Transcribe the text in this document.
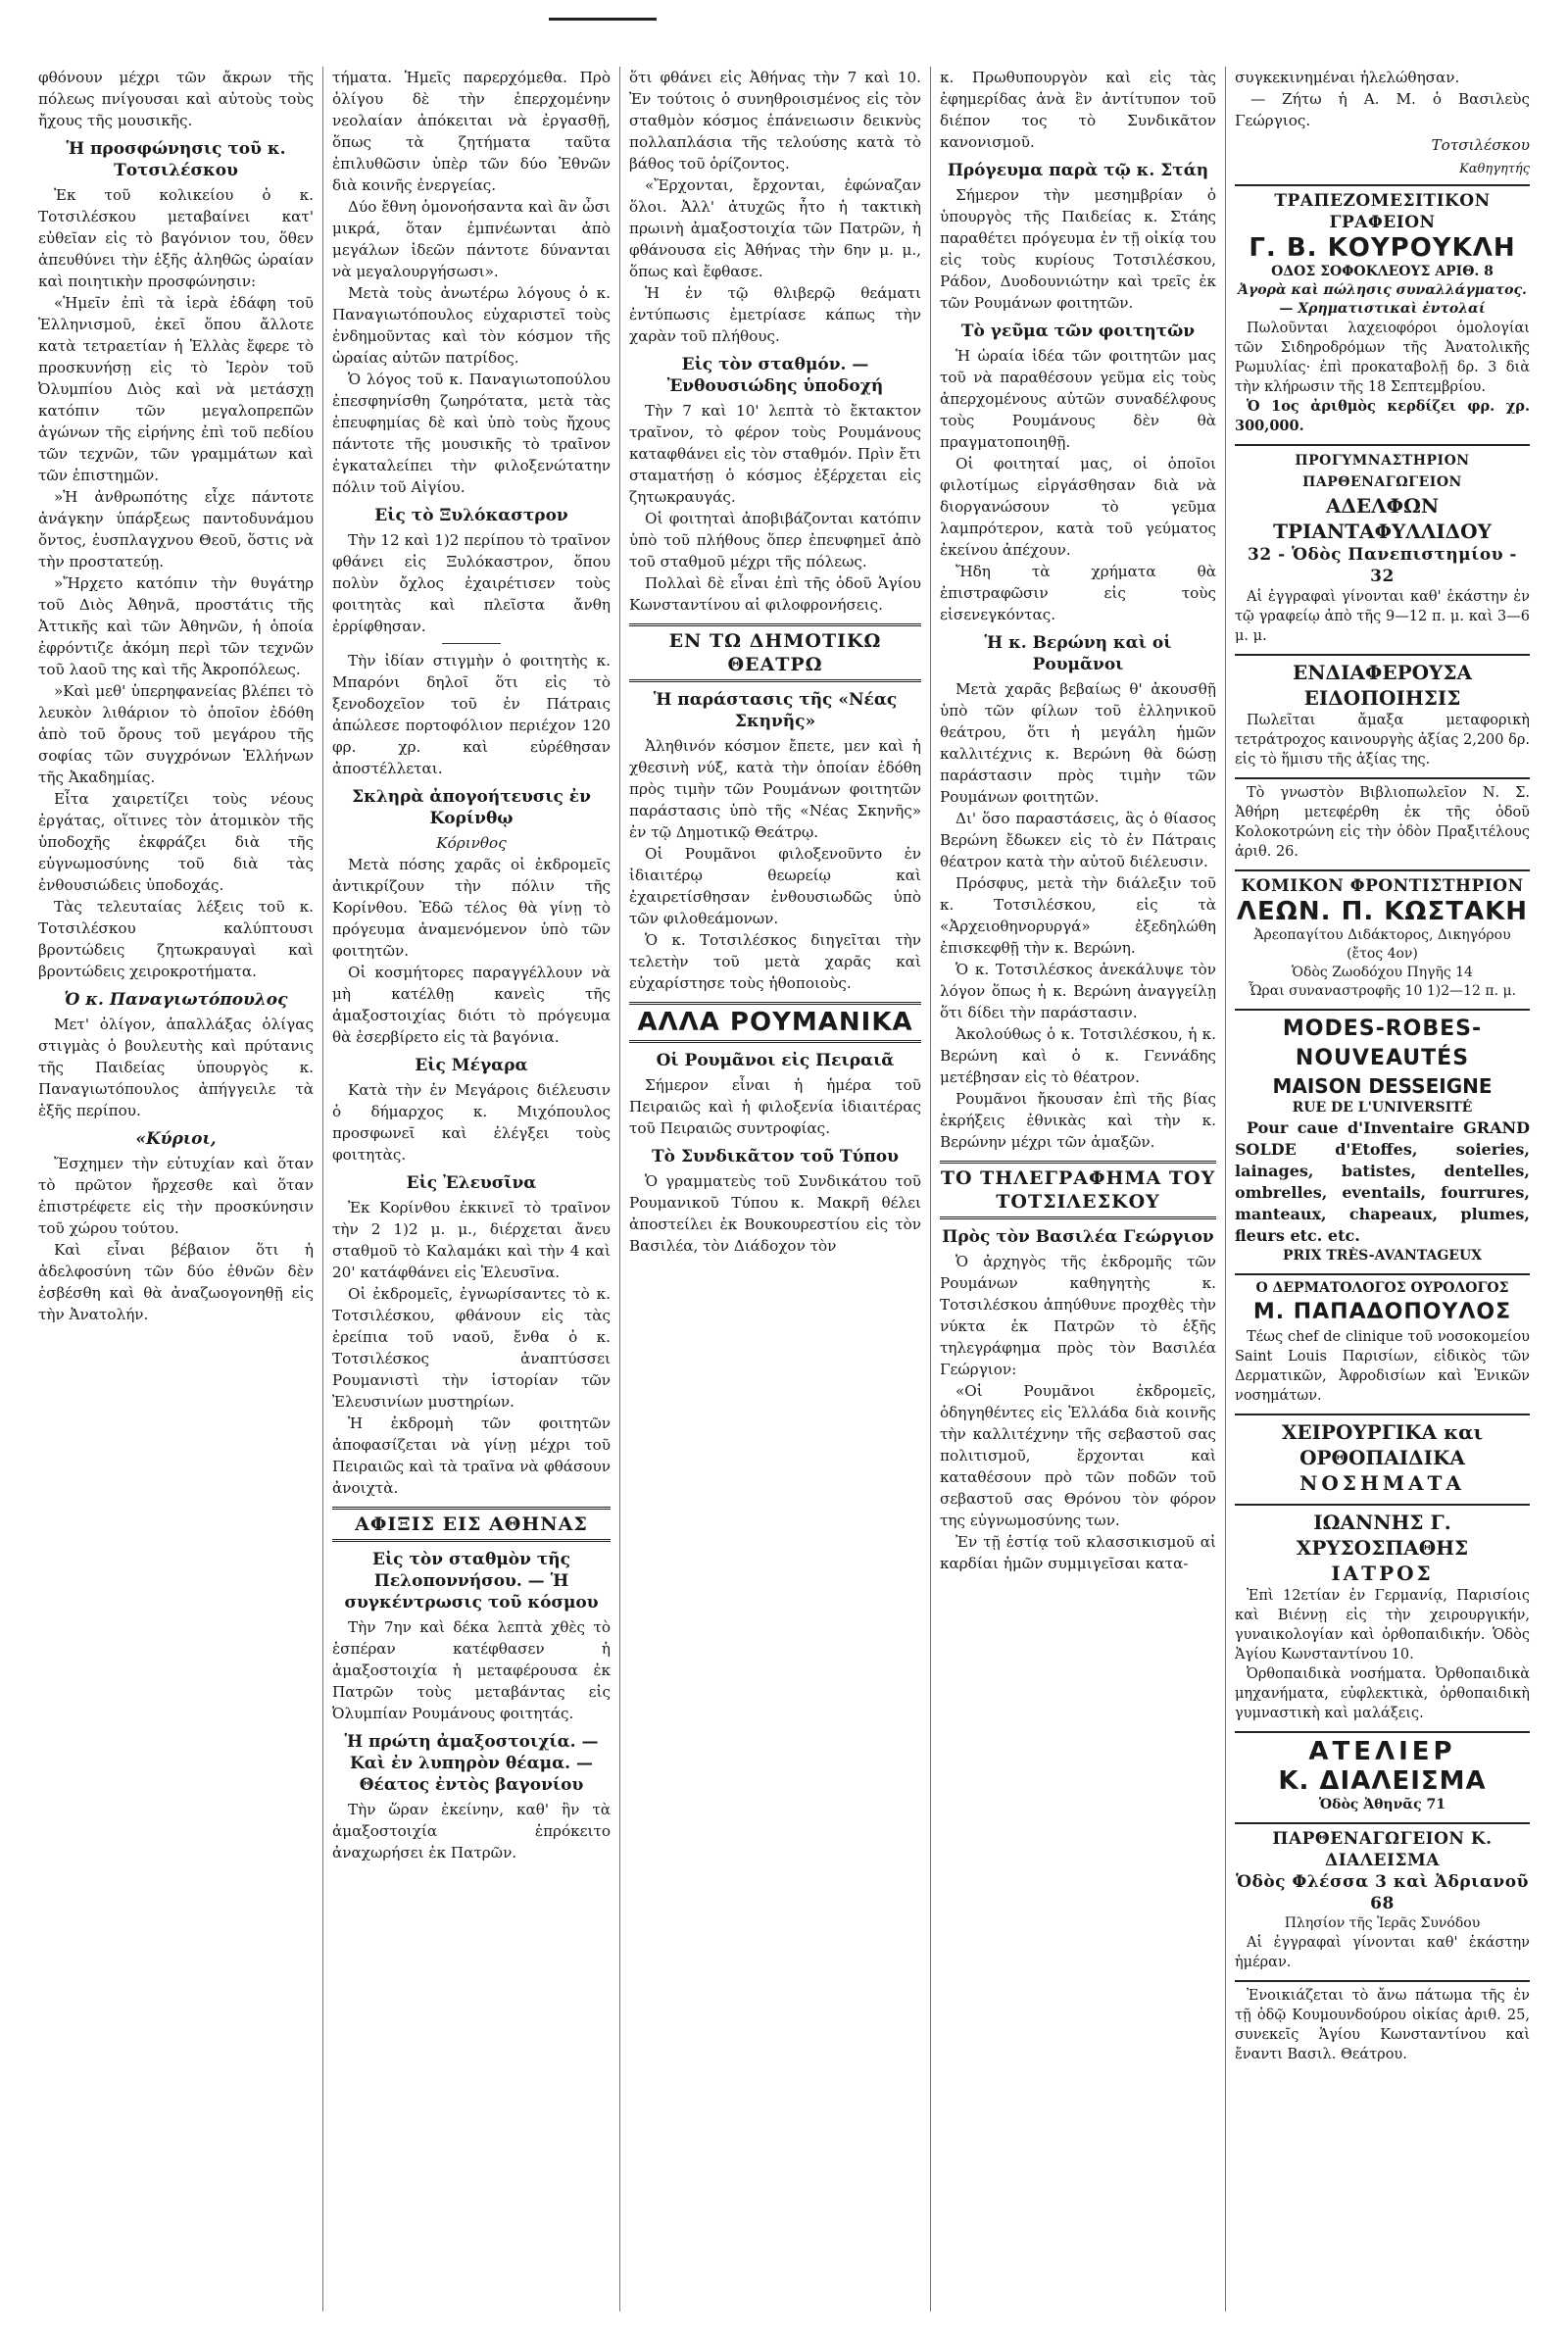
φθόνουν μέχρι τῶν ἄκρων τῆς πόλεως πνίγουσαι καὶ αὐτοὺς τοὺς ἤχους τῆς μουσικῆς.

Ἡ προσφώνησις τοῦ κ. Τοτσιλέσκου

Ἐκ τοῦ κολικείου ὁ κ. Τοτσιλέσκου μεταβαίνει κατ' εὐθεῖαν εἰς τὸ βαγόνιον του, ὅθεν ἀπευθύνει τὴν ἑξῆς ἀληθῶς ὡραίαν καὶ ποιητικὴν προσφώνησιν:

«Ἡμεῖν ἐπὶ τὰ ἱερὰ ἐδάφη τοῦ Ἑλληνισμοῦ, ἐκεῖ ὅπου ἄλλοτε κατὰ τετραετίαν ἡ Ἑλλὰς ἔφερε τὸ προσκυνήσῃ εἰς τὸ Ἱερὸν τοῦ Ὀλυμπίου Διὸς καὶ νὰ μετάσχῃ κατόπιν τῶν μεγαλοπρεπῶν ἀγώνων τῆς εἰρήνης ἐπὶ τοῦ πεδίου τῶν τεχνῶν, τῶν γραμμάτων καὶ τῶν ἐπιστημῶν.

»Ἡ ἀνθρωπότης εἶχε πάντοτε ἀνάγκην ὑπάρξεως παντοδυνάμου ὄντος, ἐυσπλαγχνου Θεοῦ, ὅστις νὰ τὴν προστατεύῃ.

»Ἤρχετο κατόπιν τὴν θυγάτηρ τοῦ Διὸς Ἀθηνᾶ, προστάτις τῆς Ἀττικῆς καὶ τῶν Ἀθηνῶν, ἡ ὁποία ἐφρόντιζε ἀκόμη περὶ τῶν τεχνῶν τοῦ λαοῦ της καὶ τῆς Ἀκροπόλεως.

»Καὶ μεθ' ὑπερηφανείας βλέπει τὸ λευκὸν λιθάριον τὸ ὁποῖον ἐδόθη ἀπὸ τοῦ ὄρους τοῦ μεγάρου τῆς σοφίας τῶν συγχρόνων Ἑλλήνων τῆς Ἀκαδημίας.

Εἶτα χαιρετίζει τοὺς νέους ἐργάτας, οἵτινες τὸν ἀτομικὸν τῆς ὑποδοχῆς ἐκφράζει διὰ τῆς εὐγνωμοσύνης τοῦ διὰ τὰς ἐνθουσιώδεις ὑποδοχάς.

Τὰς τελευταίας λέξεις τοῦ κ. Τοτσιλέσκου καλύπτουσι βροντώδεις ζητωκραυγαὶ καὶ βροντώδεις χειροκροτήματα.

Ὁ κ. Παναγιωτόπουλος

Μετ' ὀλίγον, ἀπαλλάξας ὀλίγας στιγμὰς ὁ βουλευτὴς καὶ πρύτανις τῆς Παιδείας ὑπουργὸς κ. Παναγιωτόπουλος ἀπήγγειλε τὰ ἑξῆς περίπου.

«Κύριοι,

Ἔσχημεν τὴν εὐτυχίαν καὶ ὅταν τὸ πρῶτον ἤρχεσθε καὶ ὅταν ἐπιστρέφετε εἰς τὴν προσκύνησιν τοῦ χώρου τούτου.

Καὶ εἶναι βέβαιον ὅτι ἡ ἀδελφοσύνη τῶν δύο ἐθνῶν δὲν ἐσβέσθη καὶ θὰ ἀναζωογονηθῇ εἰς τὴν Ἀνατολήν.

τήματα. Ἡμεῖς παρερχόμεθα. Πρὸ ὀλίγου δὲ τὴν ἐπερχομένην νεολαίαν ἀπόκειται νὰ ἐργασθῇ, ὅπως τὰ ζητήματα ταῦτα ἐπιλυθῶσιν ὑπὲρ τῶν δύο Ἐθνῶν διὰ κοινῆς ἐνεργείας.

Δύο ἔθνη ὁμονοήσαντα καὶ ἂν ὦσι μικρά, ὅταν ἐμπνέωνται ἀπὸ μεγάλων ἰδεῶν πάντοτε δύνανται νὰ μεγαλουργήσωσι».

Μετὰ τοὺς ἀνωτέρω λόγους ὁ κ. Παναγιωτόπουλος εὐχαριστεῖ τοὺς ἐνδημοῦντας καὶ τὸν κόσμον τῆς ὡραίας αὐτῶν πατρίδος.

Ὁ λόγος τοῦ κ. Παναγιωτοπούλου ἐπεσφηνίσθη ζωηρότατα, μετὰ τὰς ἐπευφημίας δὲ καὶ ὑπὸ τοὺς ἤχους πάντοτε τῆς μουσικῆς τὸ τραῖνον ἐγκαταλείπει τὴν φιλοξενώτατην πόλιν τοῦ Αἰγίου.

Εἰς τὸ Ξυλόκαστρον

Τὴν 12 καὶ 1)2 περίπου τὸ τραῖνον φθάνει εἰς Ξυλόκαστρον, ὅπου πολὺν ὄχλος ἐχαιρέτισεν τοὺς φοιτητὰς καὶ πλεῖστα ἄνθη ἐρρίφθησαν.

Τὴν ἰδίαν στιγμὴν ὁ φοιτητὴς κ. Μπαρόνι δηλοῖ ὅτι εἰς τὸ ξενοδοχεῖον τοῦ ἐν Πάτραις ἀπώλεσε πορτοφόλιον περιέχον 120 φρ. χρ. καὶ εὐρέθησαν ἀποστέλλεται.

Σκληρὰ ἀπογοήτευσις ἐν Κορίνθῳ
Κόρινθος

Μετὰ πόσης χαρᾶς οἱ ἐκδρομεῖς ἀντικρίζουν τὴν πόλιν τῆς Κορίνθου. Ἐδῶ τέλος θὰ γίνῃ τὸ πρόγευμα ἀναμενόμενον ὑπὸ τῶν φοιτητῶν.

Οἱ κοσμήτορες παραγγέλλουν νὰ μὴ κατέλθῃ κανεὶς τῆς ἀμαξοστοιχίας διότι τὸ πρόγευμα θὰ ἐσερβίρετο εἰς τὰ βαγόνια.

Εἰς Μέγαρα

Κατὰ τὴν ἐν Μεγάροις διέλευσιν ὁ δήμαρχος κ. Μιχόπουλος προσφωνεῖ καὶ ἐλέγξει τοὺς φοιτητὰς.

Εἰς Ἐλευσῖνα

Ἐκ Κορίνθου ἐκκινεῖ τὸ τραῖνον τὴν 2 1)2 μ. μ., διέρχεται ἄνευ σταθμοῦ τὸ Καλαμάκι καὶ τὴν 4 καὶ 20' κατάφθάνει εἰς Ἐλευσῖνα.

Οἱ ἐκδρομεῖς, ἐγνωρίσαντες τὸ κ. Τοτσιλέσκου, φθάνουν εἰς τὰς ἐρείπια τοῦ ναοῦ, ἔνθα ὁ κ. Τοτσιλέσκος ἀναπτύσσει Ρουμανιστὶ τὴν ἱστορίαν τῶν Ἐλευσινίων μυστηρίων.

Ἡ ἐκδρομὴ τῶν φοιτητῶν ἀποφασίζεται νὰ γίνῃ μέχρι τοῦ Πειραιῶς καὶ τὰ τραῖνα νὰ φθάσουν ἀνοιχτὰ.

ΑΦΙΞΙΣ ΕΙΣ ΑΘΗΝΑΣ
Εἰς τὸν σταθμὸν τῆς Πελοποννήσου. — Ἡ συγκέντρωσις τοῦ κόσμου

Τὴν 7ην καὶ δέκα λεπτὰ χθὲς τὸ ἑσπέραν κατέφθασεν ἡ ἀμαξοστοιχία ἡ μεταφέρουσα ἐκ Πατρῶν τοὺς μεταβάντας εἰς Ὀλυμπίαν Ρουμάνους φοιτητάς.

Ἡ πρώτη ἀμαξοστοιχία. — Καὶ ἐν λυπηρὸν θέαμα. — Θέατος ἐντὸς βαγονίου

Τὴν ὥραν ἐκείνην, καθ' ἣν τὰ ἀμαξοστοιχία ἐπρόκειτο ἀναχωρήσει ἐκ Πατρῶν.

ὅτι φθάνει εἰς Ἀθήνας τὴν 7 καὶ 10. Ἐν τούτοις ὁ συνηθροισμένος εἰς τὸν σταθμὸν κόσμος ἐπάνειωσιν δεικνὺς πολλαπλάσια τῆς τελούσης κατὰ τὸ βάθος τοῦ ὁρίζοντος.

«Ἔρχονται, ἔρχονται, ἐφώναζαν ὅλοι. Ἀλλ' ἀτυχῶς ἦτο ἡ τακτικὴ πρωινὴ ἀμαξοστοιχία τῶν Πατρῶν, ἡ φθάνουσα εἰς Ἀθήνας τὴν 6ην μ. μ., ὅπως καὶ ἔφθασε.

Ἡ ἐν τῷ θλιβερῷ θεάματι ἐντύπωσις ἐμετρίασε κάπως τὴν χαρὰν τοῦ πλήθους.

Εἰς τὸν σταθμόν. — Ἐνθουσιώδης ὑποδοχή

Τὴν 7 καὶ 10' λεπτὰ τὸ ἔκτακτον τραῖνον, τὸ φέρον τοὺς Ρουμάνους καταφθάνει εἰς τὸν σταθμόν. Πρὶν ἔτι σταματήσῃ ὁ κόσμος ἐξέρχεται εἰς ζητωκραυγάς.

Οἱ φοιτηταὶ ἀποβιβάζονται κατόπιν ὑπὸ τοῦ πλήθους ὅπερ ἐπευφημεῖ ἀπὸ τοῦ σταθμοῦ μέχρι τῆς πόλεως.

Πολλαὶ δὲ εἶναι ἐπὶ τῆς ὁδοῦ Ἁγίου Κωνσταντίνου αἱ φιλοφρονήσεις.

ΕΝ ΤΩ ΔΗΜΟΤΙΚΩ ΘΕΑΤΡΩ
Ἡ παράστασις τῆς «Νέας Σκηνῆς»

Ἀληθινόν κόσμον ἔπετε, μεν καὶ ἡ χθεσινὴ νύξ, κατὰ τὴν ὁποίαν ἐδόθη πρὸς τιμὴν τῶν Ρουμάνων φοιτητῶν παράστασις ὑπὸ τῆς «Νέας Σκηνῆς» ἐν τῷ Δημοτικῷ Θεάτρῳ.

Οἱ Ρουμᾶνοι φιλοξενοῦντο ἐν ἰδιαιτέρῳ θεωρείῳ καὶ ἐχαιρετίσθησαν ἐνθουσιωδῶς ὑπὸ τῶν φιλοθεάμονων.

Ὁ κ. Τοτσιλέσκος διηγεῖται τὴν τελετὴν τοῦ μετὰ χαρᾶς καὶ εὐχαρίστησε τοὺς ἠθοποιοὺς.

ΑΛΛΑ ΡΟΥΜΑΝΙΚΑ
Οἱ Ρουμᾶνοι εἰς Πειραιᾶ

Σήμερον εἶναι ἡ ἡμέρα τοῦ Πειραιῶς καὶ ἡ φιλοξενία ἰδιαιτέρας τοῦ Πειραιῶς συντροφίας.

Τὸ Συνδικᾶτον τοῦ Τύπου

Ὁ γραμματεὺς τοῦ Συνδικάτου τοῦ Ρουμανικοῦ Τύπου κ. Μακρῆ θέλει ἀποστείλει ἐκ Βουκουρεστίου εἰς τὸν Βασιλέα, τὸν Διάδοχον τὸν

κ. Πρωθυπουργὸν καὶ εἰς τὰς ἐφημερίδας ἀνὰ ἓν ἀντίτυπον τοῦ διέπον τος τὸ Συνδικᾶτον κανονισμοῦ.

Πρόγευμα παρὰ τῷ κ. Στάη

Σήμερον τὴν μεσημβρίαν ὁ ὑπουργὸς τῆς Παιδείας κ. Στάης παραθέτει πρόγευμα ἐν τῇ οἰκίᾳ του εἰς τοὺς κυρίους Τοτσιλέσκου, Ράδον, Δυοδουνιώτην καὶ τρεῖς ἐκ τῶν Ρουμάνων φοιτητῶν.

Τὸ γεῦμα τῶν φοιτητῶν

Ἡ ὡραία ἰδέα τῶν φοιτητῶν μας τοῦ νὰ παραθέσουν γεῦμα εἰς τοὺς ἀπερχομένους αὐτῶν συναδέλφους τοὺς Ρουμάνους δὲν θὰ πραγματοποιηθῇ.

Οἱ φοιτηταί μας, οἱ ὁποῖοι φιλοτίμως εἰργάσθησαν διὰ νὰ διοργανώσουν τὸ γεῦμα λαμπρότερον, κατὰ τοῦ γεύματος ἐκείνου ἀπέχουν.

Ἤδη τὰ χρήματα θὰ ἐπιστραφῶσιν εἰς τοὺς εἰσενεγκόντας.

Ἡ κ. Βερώνη καὶ οἱ Ρουμᾶνοι

Μετὰ χαρᾶς βεβαίως θ' ἀκουσθῇ ὑπὸ τῶν φίλων τοῦ ἑλληνικοῦ θεάτρου, ὅτι ἡ μεγάλη ἡμῶν καλλιτέχνις κ. Βερώνη θὰ δώσῃ παράστασιν πρὸς τιμὴν τῶν Ρουμάνων φοιτητῶν.

Δι' ὅσο παραστάσεις, ἃς ὁ θίασος Βερώνη ἔδωκεν εἰς τὸ ἐν Πάτραις θέατρον κατὰ τὴν αὐτοῦ διέλευσιν.

Πρόσφυς, μετὰ τὴν διάλεξιν τοῦ κ. Τοτσιλέσκου, εἰς τὰ «Ἀρχειοθηνορυργά» ἐξεδηλώθη ἐπισκεφθῇ τὴν κ. Βερώνη.

Ὁ κ. Τοτσιλέσκος ἀνεκάλυψε τὸν λόγον ὅπως ἡ κ. Βερώνη ἀναγγείλῃ ὅτι δίδει τὴν παράστασιν.

Ἀκολούθως ὁ κ. Τοτσιλέσκου, ἡ κ. Βερώνη καὶ ὁ κ. Γεννάδης μετέβησαν εἰς τὸ θέατρον.

Ρουμᾶνοι ἤκουσαν ἐπὶ τῆς βίας ἐκρήξεις ἐθνικὰς καὶ τὴν κ. Βερώνην μέχρι τῶν ἀμαξῶν.

ΤΟ ΤΗΛΕΓΡΑΦΗΜΑ ΤΟΥ ΤΟΤΣΙΛΕΣΚΟΥ
Πρὸς τὸν Βασιλέα Γεώργιον

Ὁ ἀρχηγὸς τῆς ἐκδρομῆς τῶν Ρουμάνων καθηγητὴς κ. Τοτσιλέσκου ἀπηύθυνε προχθὲς τὴν νύκτα ἐκ Πατρῶν τὸ ἑξῆς τηλεγράφημα πρὸς τὸν Βασιλέα Γεώργιον:

«Οἱ Ρουμᾶνοι ἐκδρομεῖς, ὁδηγηθέντες εἰς Ἑλλάδα διὰ κοινῆς τὴν καλλιτέχνην τῆς σεβαστοῦ σας πολιτισμοῦ, ἔρχονται καὶ καταθέσουν πρὸ τῶν ποδῶν τοῦ σεβαστοῦ σας Θρόνου τὸν φόρον της εὐγνωμοσύνης των.

Ἐν τῇ ἑστίᾳ τοῦ κλασσικισμοῦ αἱ καρδίαι ἡμῶν συμμιγεῖσαι κατα-

συγκεκινημέναι ἠλελώθησαν.

— Ζήτω ἡ Α. Μ. ὁ Βασιλεὺς Γεώργιος.

Τοτσιλέσκου
Καθηγητής
ΤΡΑΠΕΖΟΜΕΣΙΤΙΚΟΝ ΓΡΑΦΕΙΟΝ
Γ. Β. ΚΟΥΡΟΥΚΛΗ
ΟΔΟΣ ΣΟΦΟΚΛΕΟΥΣ ΑΡΙΘ. 8
Ἀγορὰ καὶ πώλησις συναλλάγματος. — Χρηματιστικαὶ ἐντολαί
Πωλοῦνται λαχειοφόροι ὁμολογίαι τῶν Σιδηροδρόμων τῆς Ἀνατολικῆς Ρωμυλίας· ἐπὶ προκαταβολῇ δρ. 3 διὰ τὴν κλήρωσιν τῆς 18 Σεπτεμβρίου.
Ὁ 1ος ἀριθμὸς κερδίζει φρ. χρ. 300,000.
ΠΡΟΓΥΜΝΑΣΤΗΡΙΟΝ ΠΑΡΘΕΝΑΓΩΓΕΙΟΝ
ΑΔΕΛΦΩΝ ΤΡΙΑΝΤΑΦΥΛΛΙΔΟΥ
32 - Ὁδὸς Πανεπιστημίου - 32
Αἱ ἐγγραφαὶ γίνονται καθ' ἑκάστην ἐν τῷ γραφείῳ ἀπὸ τῆς 9—12 π. μ. καὶ 3—6 μ. μ.
ΕΝΔΙΑΦΕΡΟΥΣΑ ΕΙΔΟΠΟΙΗΣΙΣ
Πωλεῖται ἄμαξα μεταφορικὴ τετράτροχος καινουργὴς ἀξίας 2,200 δρ. εἰς τὸ ἥμισυ τῆς ἀξίας της.
Τὸ γνωστὸν Βιβλιοπωλεῖον Ν. Σ. Ἀθήρη μετεφέρθη ἐκ τῆς ὁδοῦ Κολοκοτρώνη εἰς τὴν ὁδὸν Πραξιτέλους ἀριθ. 26.
ΚΟΜΙΚΟΝ ΦΡΟΝΤΙΣΤΗΡΙΟΝ
ΛΕΩΝ. Π. ΚΩΣΤΑΚΗ
Ἀρεοπαγίτου Διδάκτορος, Δικηγόρου (ἔτος 4ον)
Ὁδὸς Ζωοδόχου Πηγῆς 14
Ὧραι συναναστροφῆς 10 1)2—12 π. μ.
MODES-ROBES-NOUVEAUTÉS
MAISON DESSEIGNE
RUE DE L'UNIVERSITÉ
Pour caue d'Inventaire GRAND SOLDE d'Etoffes, soieries, lainages, batistes, dentelles, ombrelles, eventails, fourrures, manteaux, chapeaux, plumes, fleurs etc. etc.
PRIX TRÈS-AVANTAGEUX
Ο ΔΕΡΜΑΤΟΛΟΓΟΣ ΟΥΡΟΛΟΓΟΣ
Μ. ΠΑΠΑΔΟΠΟΥΛΟΣ
Τέως chef de clinique τοῦ νοσοκομείου Saint Louis Παρισίων, εἰδικὸς τῶν Δερματικῶν, Ἀφροδισίων καὶ Ἐνικῶν νοσημάτων.
ΧΕΙΡΟΥΡΓΙΚΑ και ΟΡΘΟΠΑΙΔΙΚΑ
ΝΟΣΗΜΑΤΑ
ΙΩΑΝΝΗΣ Γ. ΧΡΥΣΟΣΠΑΘΗΣ
ΙΑΤΡΟΣ
Ἐπὶ 12ετίαν ἐν Γερμανίᾳ, Παρισίοις καὶ Βιέννῃ εἰς τὴν χειρουργικήν, γυναικολογίαν καὶ ὀρθοπαιδικήν. Ὁδὸς Ἁγίου Κωνσταντίνου 10.
Ὀρθοπαιδικὰ νοσήματα. Ὀρθοπαιδικὰ μηχανήματα, εὐφλεκτικὰ, ὀρθοπαιδικὴ γυμναστικὴ καὶ μαλάξεις.
ΑΤΕΛΙΕΡ
Κ. ΔΙΑΛΕΙΣΜΑ
Ὁδὸς Ἀθηνᾶς 71
ΠΑΡΘΕΝΑΓΩΓΕΙΟΝ Κ. ΔΙΑΛΕΙΣΜΑ
Ὁδὸς Φλέσσα 3 καὶ Ἀδριανοῦ 68
Πλησίον τῆς Ἱερᾶς Συνόδου
Αἱ ἐγγραφαὶ γίνονται καθ' ἑκάστην ἡμέραν.
Ἐνοικιάζεται τὸ ἄνω πάτωμα τῆς ἐν τῇ ὁδῷ Κουμουνδούρου οἰκίας ἀριθ. 25, συνεκεῖς Ἁγίου Κωνσταντίνου καὶ ἔναντι Βασιλ. Θεάτρου.
